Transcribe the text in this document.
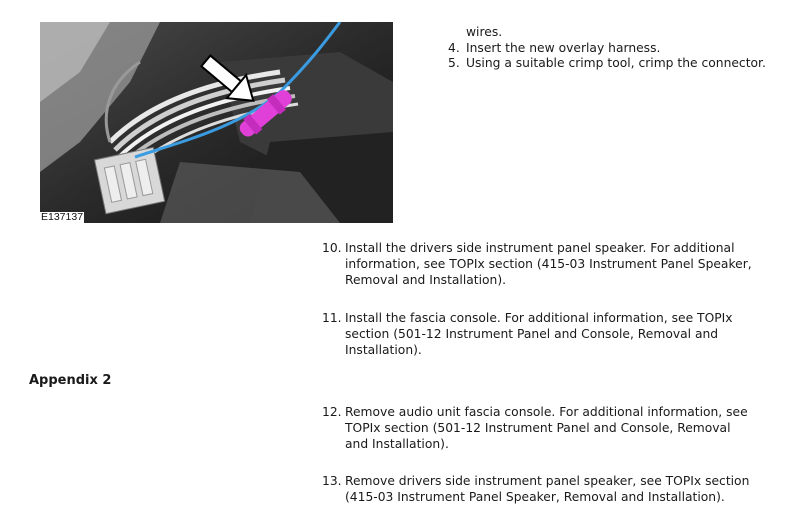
E137137

wires.

4. Insert the new overlay harness.
5. Using a suitable crimp tool, crimp the connector.
10. Install the drivers side instrument panel speaker. For additional information, see TOPIx section (415-03 Instrument Panel Speaker, Removal and Installation).
11. Install the fascia console. For additional information, see TOPIx section (501-12 Instrument Panel and Console, Removal and Installation).
Appendix 2
12. Remove audio unit fascia console. For additional information, see TOPIx section (501-12 Instrument Panel and Console, Removal and Installation).
13. Remove drivers side instrument panel speaker, see TOPIx section (415-03 Instrument Panel Speaker, Removal and Installation).
